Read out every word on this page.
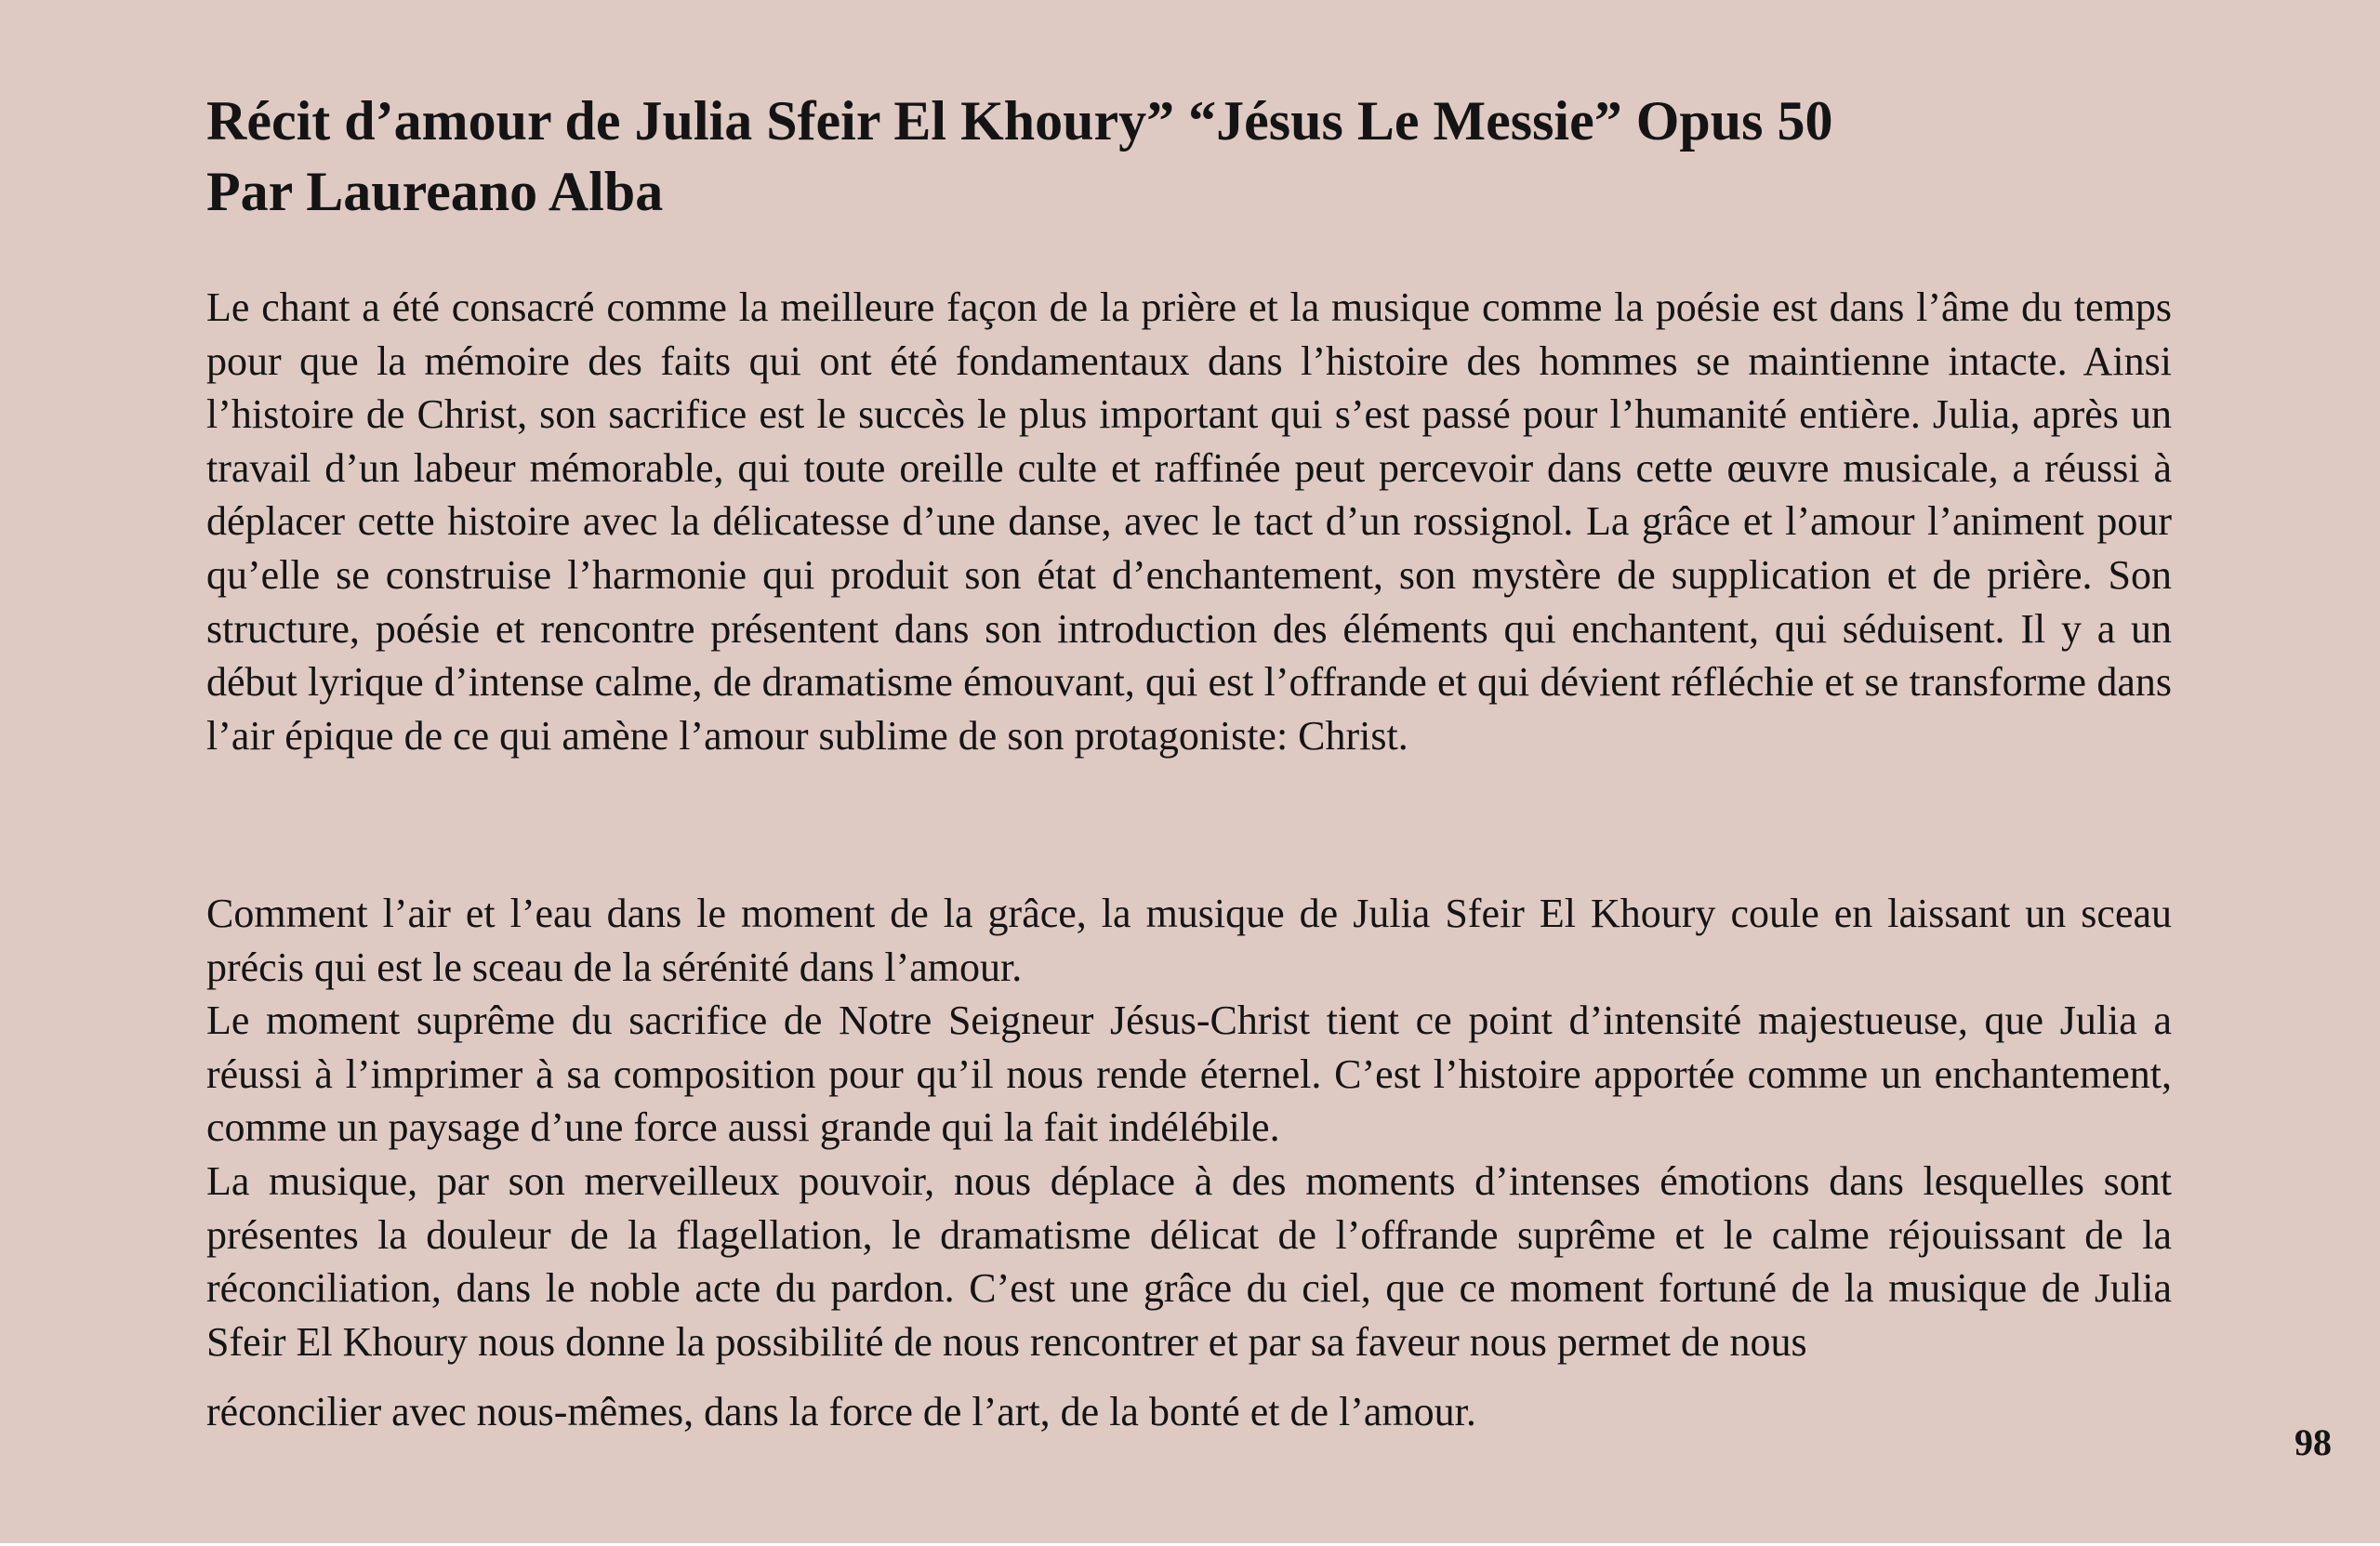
Récit d’amour de Julia Sfeir El Khoury” “Jésus Le Messie” Opus 50
Par Laureano Alba

Le chant a été consacré comme la meilleure façon de la prière et la musique comme la poésie est dans l’âme du temps pour que la mémoire des faits qui ont été fondamentaux dans l’histoire des hommes se maintienne intacte. Ainsi l’histoire de Christ, son sacrifice est le succès le plus important qui s’est passé pour l’humanité entière. Julia, après un travail d’un labeur mémorable, qui toute oreille culte et raffinée peut percevoir dans cette œuvre musicale, a réussi à déplacer cette histoire avec la délicatesse d’une danse, avec le tact d’un rossignol. La grâce et l’amour l’animent pour qu’elle se construise l’harmonie qui produit son état d’enchantement, son mystère de supplication et de prière. Son structure, poésie et rencontre présentent dans son introduction des éléments qui enchantent, qui séduisent. Il y a un début lyrique d’intense calme, de dramatisme émouvant, qui est l’offrande et qui dévient réfléchie et se transforme dans l’air épique de ce qui amène l’amour sublime de son protagoniste: Christ.

Comment l’air et l’eau dans le moment de la grâce, la musique de Julia Sfeir El Khoury coule en laissant un sceau précis qui est le sceau de la sérénité dans l’amour.

Le moment suprême du sacrifice de Notre Seigneur Jésus-Christ tient ce point d’intensité majestueuse, que Julia a réussi à l’imprimer à sa composition pour qu’il nous rende éternel. C’est l’histoire apportée comme un enchantement, comme un paysage d’une force aussi grande qui la fait indélébile.

La musique, par son merveilleux pouvoir, nous déplace à des moments d’intenses émotions dans lesquelles sont présentes la douleur de la flagellation, le dramatisme délicat de l’offrande suprême et le calme réjouissant de la réconciliation, dans le noble acte du pardon. C’est une grâce du ciel, que ce moment fortuné de la musique de Julia Sfeir El Khoury nous donne la possibilité de nous rencontrer et par sa faveur nous permet de nous

réconcilier avec nous-mêmes, dans la force de l’art, de la bonté et de l’amour.

98
